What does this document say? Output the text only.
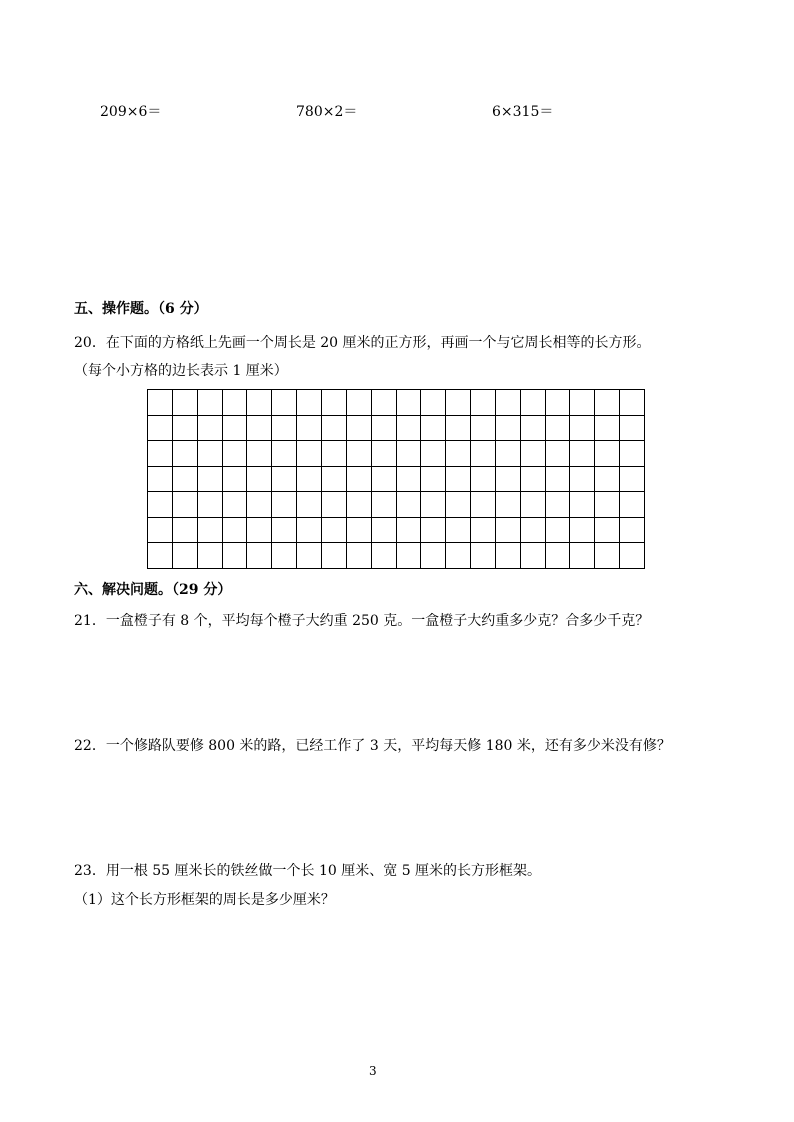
209×6＝	780×2＝	6×315＝
五、操作题。（6 分）
20．在下面的方格纸上先画一个周长是 20 厘米的正方形，再画一个与它周长相等的长方形。
（每个小方格的边长表示 1 厘米）
六、解决问题。（29 分）
21．一盒橙子有 8 个，平均每个橙子大约重 250 克。一盒橙子大约重多少克？合多少千克？
22．一个修路队要修 800 米的路，已经工作了 3 天，平均每天修 180 米，还有多少米没有修？
23．用一根 55 厘米长的铁丝做一个长 10 厘米、宽 5 厘米的长方形框架。
（1）这个长方形框架的周长是多少厘米？
3
